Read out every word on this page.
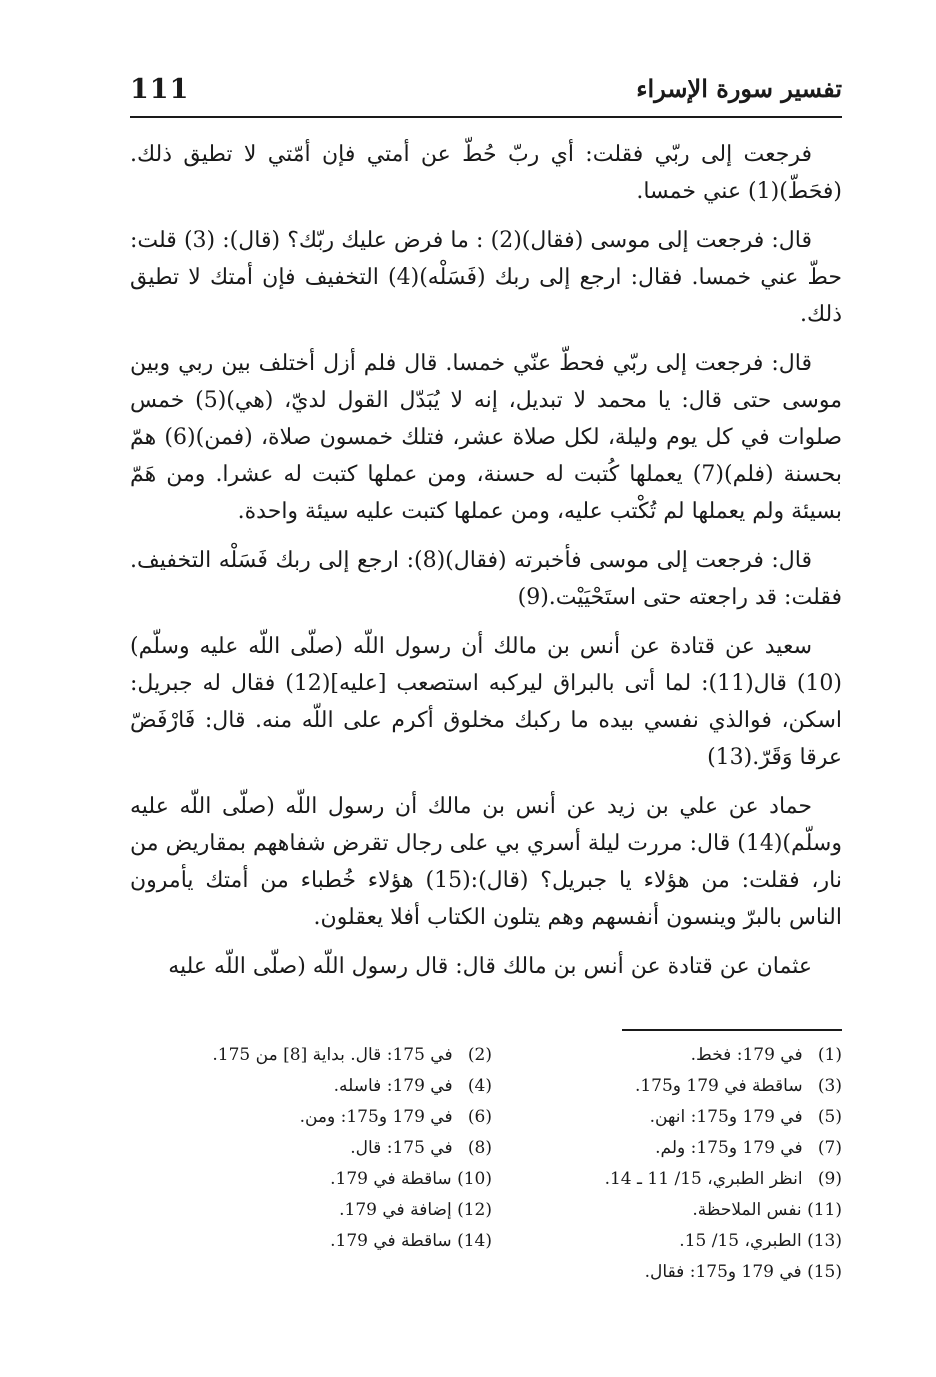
111	تفسير سورة الإسراء

فرجعت إلى ربّي فقلت: أي ربّ حُطّ عن أمتي فإن أمّتي لا تطيق ذلك.(فحَطّ)(1) عني خمسا.

قال: فرجعت إلى موسى (فقال)(2) : ما فرض عليك ربّك؟ (قال): (3) قلت: حطّ عني خمسا. فقال: ارجع إلى ربك (فَسَلْه)(4) التخفيف فإن أمتك لا تطيق ذلك.

قال: فرجعت إلى ربّي فحطّ عنّي خمسا. قال فلم أزل أختلف بين ربي وبين موسى حتى قال: يا محمد لا تبديل، إنه لا يُبَدّل القول لديّ، (هي)(5) خمس صلوات في كل يوم وليلة، لكل صلاة عشر، فتلك خمسون صلاة، (فمن)(6) همّ بحسنة (فلم)(7) يعملها كُتبت له حسنة، ومن عملها كتبت له عشرا. ومن هَمّ بسيئة ولم يعملها لم تُكْتب عليه، ومن عملها كتبت عليه سيئة واحدة.

قال: فرجعت إلى موسى فأخبرته (فقال)(8): ارجع إلى ربك فَسَلْه التخفيف. فقلت: قد راجعته حتى استَحْيَيْت.(9)

سعيد عن قتادة عن أنس بن مالك أن رسول اللّه (صلّى اللّه عليه وسلّم)(10) قال(11): لما أتى بالبراق ليركبه استصعب [عليه](12) فقال له جبريل: اسكن، فوالذي نفسي بيده ما ركبك مخلوق أكرم على اللّه منه. قال: فَارْفَضّ عرقا وَقَرّ.(13)

حماد عن علي بن زيد عن أنس بن مالك أن رسول اللّه (صلّى اللّه عليه وسلّم)(14) قال: مررت ليلة أسري بي على رجال تقرض شفاههم بمقاريض من نار، فقلت: من هؤلاء يا جبريل؟ (قال):(15) هؤلاء خُطباء من أمتك يأمرون الناس بالبرّ وينسون أنفسهم وهم يتلون الكتاب أفلا يعقلون.

عثمان عن قتادة عن أنس بن مالك قال: قال رسول اللّه (صلّى اللّه عليه

(1) في 179: فخط.
(3) ساقطة في 179 و175.
(5) في 179 و175: انهن.
(7) في 179 و175: ولم.
(9) انظر الطبري، 15/ 11 ـ 14.
(11) نفس الملاحظة.
(13) الطبري، 15/ 15.
(15) في 179 و175: فقال.
(2) في 175: قال. بداية [8] من 175.
(4) في 179: فاسله.
(6) في 179 و175: ومن.
(8) في 175: قال.
(10) ساقطة في 179.
(12) إضافة في 179.
(14) ساقطة في 179.
